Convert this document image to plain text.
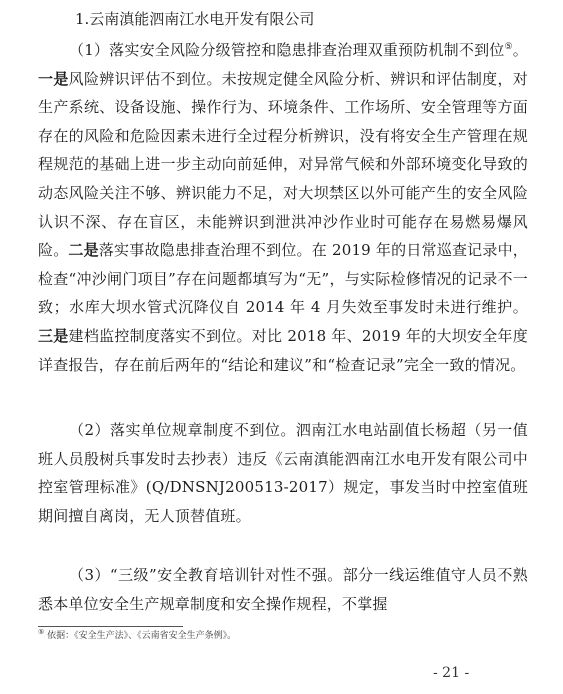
1.云南滇能泗南江水电开发有限公司

（1）落实安全风险分级管控和隐患排查治理双重预防机制不到位⑤。一是风险辨识评估不到位。未按规定健全风险分析、辨识和评估制度，对生产系统、设备设施、操作行为、环境条件、工作场所、安全管理等方面存在的风险和危险因素未进行全过程分析辨识，没有将安全生产管理在规程规范的基础上进一步主动向前延伸，对异常气候和外部环境变化导致的动态风险关注不够、辨识能力不足，对大坝禁区以外可能产生的安全风险认识不深、存在盲区，未能辨识到泄洪冲沙作业时可能存在易燃易爆风险。二是落实事故隐患排查治理不到位。在 2019 年的日常巡查记录中，检查“冲沙闸门项目”存在问题都填写为“无”，与实际检修情况的记录不一致；水库大坝水管式沉降仪自 2014 年 4 月失效至事发时未进行维护。三是建档监控制度落实不到位。对比 2018 年、2019 年的大坝安全年度详查报告，存在前后两年的“结论和建议”和“检查记录”完全一致的情况。

（2）落实单位规章制度不到位。泗南江水电站副值长杨超（另一值班人员殷树兵事发时去抄表）违反《云南滇能泗南江水电开发有限公司中控室管理标准》(Q/DNSNJ200513-2017）规定，事发当时中控室值班期间擅自离岗，无人顶替值班。

（3）“三级”安全教育培训针对性不强。部分一线运维值守人员不熟悉本单位安全生产规章制度和安全操作规程，不掌握

⑤ 依据：《安全生产法》、《云南省安全生产条例》。
- 21 -
